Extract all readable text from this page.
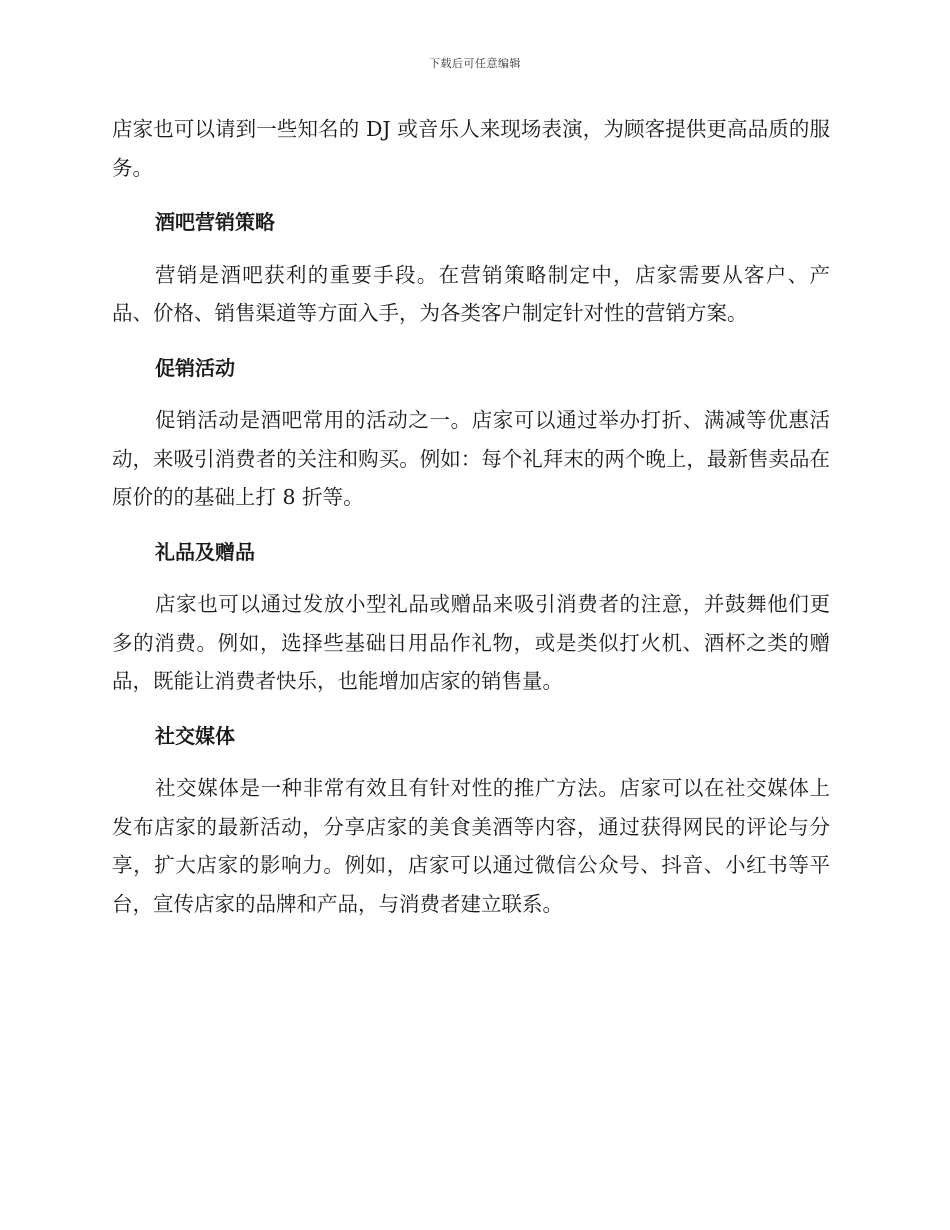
下载后可任意编辑

店家也可以请到一些知名的 DJ 或音乐人来现场表演，为顾客提供更高品质的服务。

酒吧营销策略

营销是酒吧获利的重要手段。在营销策略制定中，店家需要从客户、产品、价格、销售渠道等方面入手，为各类客户制定针对性的营销方案。

促销活动

促销活动是酒吧常用的活动之一。店家可以通过举办打折、满减等优惠活动，来吸引消费者的关注和购买。例如：每个礼拜末的两个晚上，最新售卖品在原价的的基础上打 8 折等。

礼品及赠品

店家也可以通过发放小型礼品或赠品来吸引消费者的注意，并鼓舞他们更多的消费。例如，选择些基础日用品作礼物，或是类似打火机、酒杯之类的赠品，既能让消费者快乐，也能增加店家的销售量。

社交媒体

社交媒体是一种非常有效且有针对性的推广方法。店家可以在社交媒体上发布店家的最新活动，分享店家的美食美酒等内容，通过获得网民的评论与分享，扩大店家的影响力。例如，店家可以通过微信公众号、抖音、小红书等平台，宣传店家的品牌和产品，与消费者建立联系。
